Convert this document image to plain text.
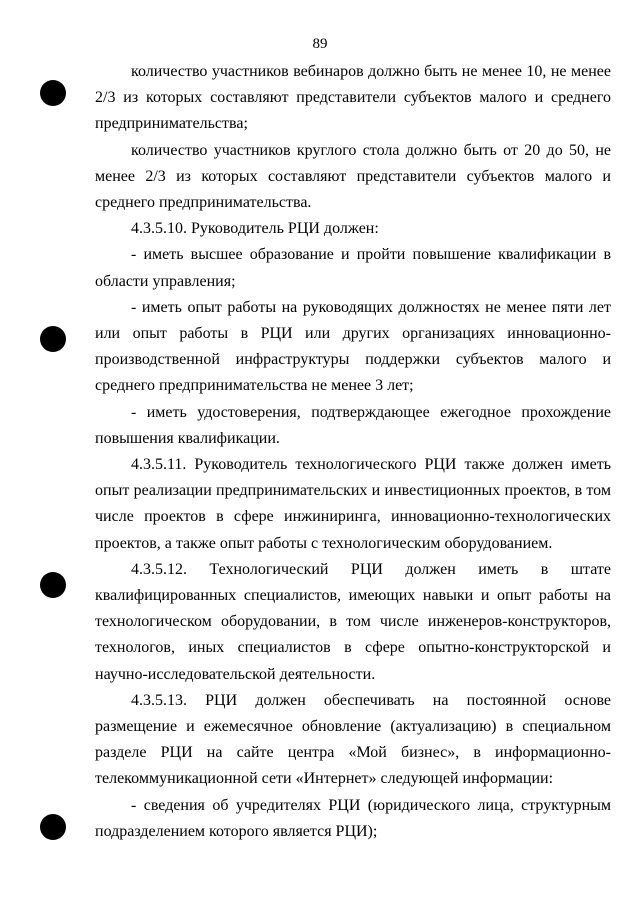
89

количество участников вебинаров должно быть не менее 10, не менее 2/3 из которых составляют представители субъектов малого и среднего предпринимательства;

количество участников круглого стола должно быть от 20 до 50, не менее 2/3 из которых составляют представители субъектов малого и среднего предпринимательства.

4.3.5.10. Руководитель РЦИ должен:

- иметь высшее образование и пройти повышение квалификации в области управления;

- иметь опыт работы на руководящих должностях не менее пяти лет или опыт работы в РЦИ или других организациях инновационно-производственной инфраструктуры поддержки субъектов малого и среднего предпринимательства не менее 3 лет;

- иметь удостоверения, подтверждающее ежегодное прохождение повышения квалификации.

4.3.5.11. Руководитель технологического РЦИ также должен иметь опыт реализации предпринимательских и инвестиционных проектов, в том числе проектов в сфере инжиниринга, инновационно-технологических проектов, а также опыт работы с технологическим оборудованием.

4.3.5.12. Технологический РЦИ должен иметь в штате квалифицированных специалистов, имеющих навыки и опыт работы на технологическом оборудовании, в том числе инженеров-конструкторов, технологов, иных специалистов в сфере опытно-конструкторской и научно-исследовательской деятельности.

4.3.5.13. РЦИ должен обеспечивать на постоянной основе размещение и ежемесячное обновление (актуализацию) в специальном разделе РЦИ на сайте центра «Мой бизнес», в информационно-телекоммуникационной сети «Интернет» следующей информации:

- сведения об учредителях РЦИ (юридического лица, структурным подразделением которого является РЦИ);
